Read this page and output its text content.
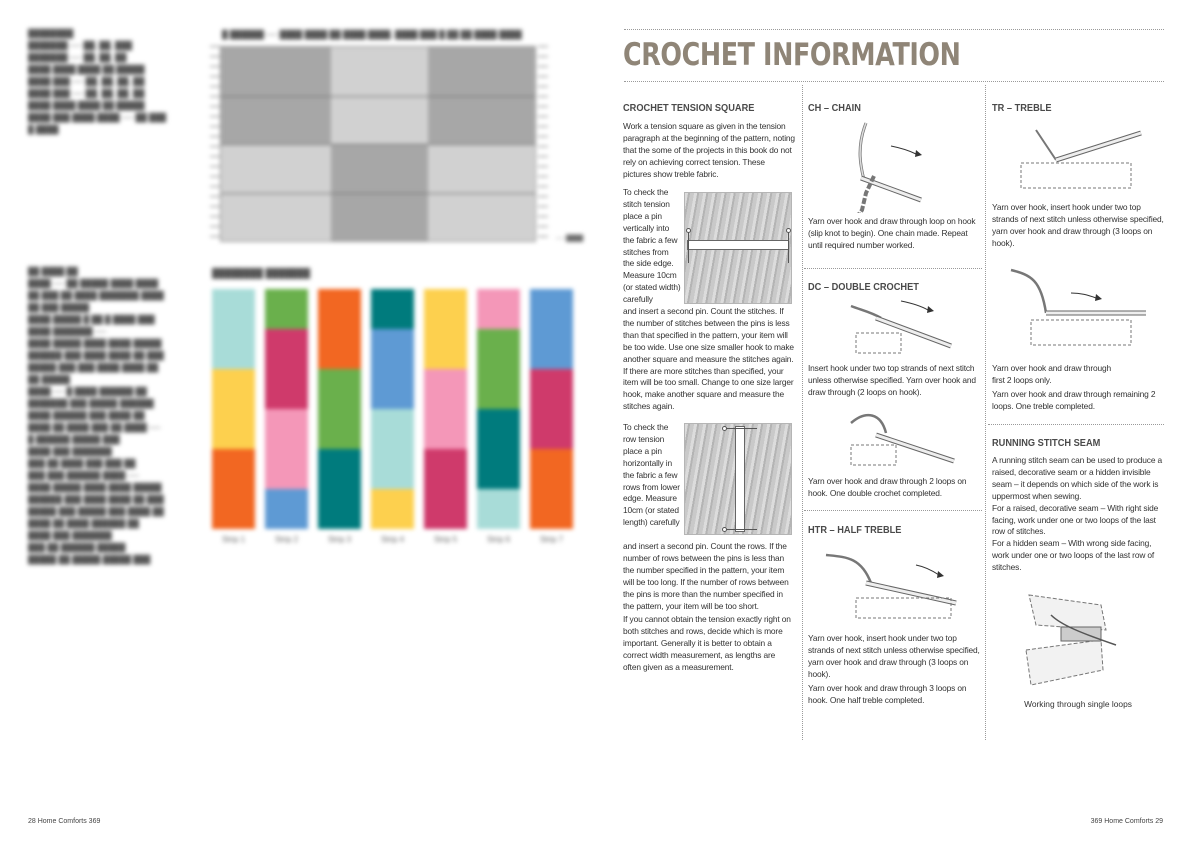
████████
███████ ── ██, ██, ███
███████ ── ██, ██, ██
████ ████ ████ ██ █████
████ ███ ── ██, ██, ██, ██
████ ███ ── ██, ██, ██, ██
████ ████ ████ ██ █████
████ ███ ████ ████ ── ██ ███
█ ████
██ ████ ██
████ ── ██ █████ ████ ████
██ ███ ██ ████ ███████ ████
██ ███ █████
████ █████ █ ██ █ ████ ███
████ ███████ ──
████ █████ ████ ████ █████
██████ ███ ████ ████ ██ ███
█████ ███ ███ ████ ████ ██
██ █████
████ ── █ ████ ██████ ██
███████ ███ █████ ██████
████ ██████ ███ ████ ██
████ ██ ████ ███ ██ ████ ──
█ ██████ █████ ███
████ ███ ███████
███ ██ ████ ███ ███ ██
███ ███ ██████ ████ ──
████ █████ ████ ████ █████
██████ ███ ████ ████ ██ ███
█████ ███ █████ ███ ████ ██
████ ██ ████ ██████ ██
████ ███ ███████
███ ██ ██████ █████
█████ ██ █████ █████ ███
█ ██████ ── ████ ████ ██ ████ ████, ████ ███ █ ██ ██ ████ ████
── ████
████████ ███████
Strip 1	Strip 2	Strip 3	Strip 4	Strip 5	Strip 6	Strip 7
28 Home Comforts 369
CROCHET INFORMATION
CROCHET TENSION SQUARE

Work a tension square as given in the tension paragraph at the beginning of the pattern, noting that the some of the projects in this book do not rely on achieving correct tension. These pictures show treble fabric.

To check the stitch tension place a pin vertically into the fabric a few stitches from the side edge. Measure 10cm (or stated width) carefully

and insert a second pin. Count the stitches. If the number of stitches between the pins is less than that specified in the pattern, your item will be too wide. Use one size smaller hook to make another square and measure the stitches again. If there are more stitches than specified, your item will be too small. Change to one size larger hook, make another square and measure the stitches again.

To check the row tension place a pin horizontally in the fabric a few rows from lower edge. Measure 10cm (or stated length) carefully

and insert a second pin. Count the rows. If the number of rows between the pins is less than the number specified in the pattern, your item will be too long. If the number of rows between the pins is more than the number specified in the pattern, your item will be too short.

If you cannot obtain the tension exactly right on both stitches and rows, decide which is more important. Generally it is better to obtain a correct width measurement, as lengths are often given as a measurement.

CH – CHAIN

Yarn over hook and draw through loop on hook (slip knot to begin). One chain made. Repeat until required number worked.

DC – DOUBLE CROCHET

Insert hook under two top strands of next stitch unless otherwise specified. Yarn over hook and draw through (2 loops on hook).

Yarn over hook and draw through 2 loops on hook. One double crochet completed.

HTR – HALF TREBLE

Yarn over hook, insert hook under two top strands of next stitch unless otherwise specified, yarn over hook and draw through (3 loops on hook).

Yarn over hook and draw through 3 loops on hook. One half treble completed.

TR – TREBLE

Yarn over hook, insert hook under two top strands of next stitch unless otherwise specified, yarn over hook and draw through (3 loops on hook).

Yarn over hook and draw through first 2 loops only.

Yarn over hook and draw through remaining 2 loops. One treble completed.

RUNNING STITCH SEAM

A running stitch seam can be used to produce a raised, decorative seam or a hidden invisible seam – it depends on which side of the work is uppermost when sewing.

For a raised, decorative seam – With right side facing, work under one or two loops of the last row of stitches.

For a hidden seam – With wrong side facing, work under one or two loops of the last row of stitches.

Working through single loops
369 Home Comforts 29
